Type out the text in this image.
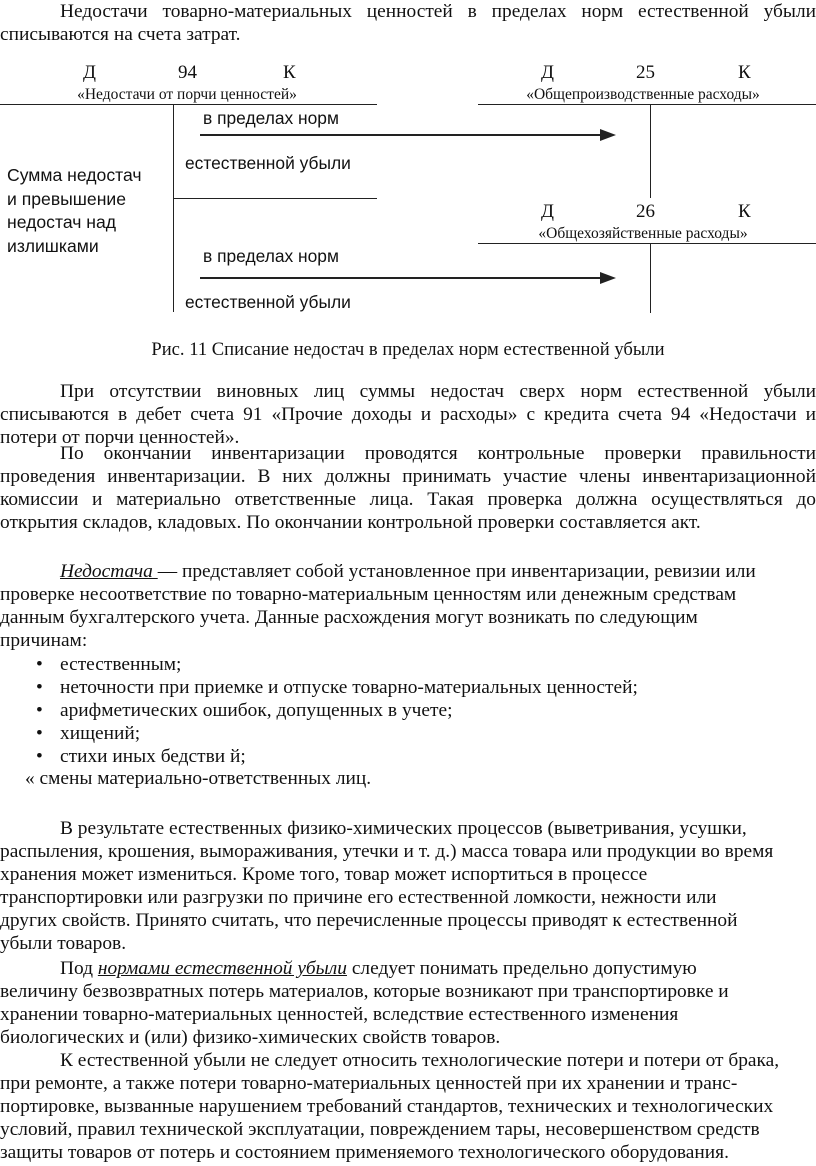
Недостачи товарно-материальных ценностей в пределах норм естественной убыли
списываются на счета затрат.
Д	94	К
«Недостачи от порчи ценностей»
Д	25	К
«Общепроизводственные расходы»
Сумма недостач
и превышение
недостач над
излишками
в пределах норм
естественной убыли
Д	26	К
«Общехозяйственные расходы»
в пределах норм
естественной убыли
Рис. 11 Списание недостач в пределах норм естественной убыли
При отсутствии виновных лиц суммы недостач сверх норм естественной убыли
списываются в дебет счета 91 «Прочие доходы и расходы» с кредита счета 94 «Недостачи и
потери от порчи ценностей».
По окончании инвентаризации проводятся контрольные проверки правильности
проведения инвентаризации. В них должны принимать участие члены инвентаризационной
комиссии и материально ответственные лица. Такая проверка должна осуществляться до
открытия складов, кладовых. По окончании контрольной проверки составляется акт.
Недостача — представляет собой установленное при инвентаризации, ревизии или
проверке несоответствие по товарно-материальным ценностям или денежным средствам
данным бухгалтерского учета. Данные расхождения могут возникать по следующим
причинам:
• естественным;
• неточности при приемке и отпуске товарно-материальных ценностей;
• арифметических ошибок, допущенных в учете;
• хищений;
• стихи иных бедстви й;
« смены материально-ответственных лиц.
В результате естественных физико-химических процессов (выветривания, усушки,
распыления, крошения, вымораживания, утечки и т. д.) масса товара или продукции во время
хранения может измениться. Кроме того, товар может испортиться в процессе
транспортировки или разгрузки по причине его естественной ломкости, нежности или
других свойств. Принято считать, что перечисленные процессы приводят к естественной
убыли товаров.
Под нормами естественной убыли следует понимать предельно допустимую
величину безвозвратных потерь материалов, которые возникают при транспортировке и
хранении товарно-материальных ценностей, вследствие естественного изменения
биологических и (или) физико-химических свойств товаров.
К естественной убыли не следует относить технологические потери и потери от брака,
при ремонте, а также потери товарно-материальных ценностей при их хранении и транс-
портировке, вызванные нарушением требований стандартов, технических и технологических
условий, правил технической эксплуатации, повреждением тары, несовершенством средств
защиты товаров от потерь и состоянием применяемого технологического оборудования.
